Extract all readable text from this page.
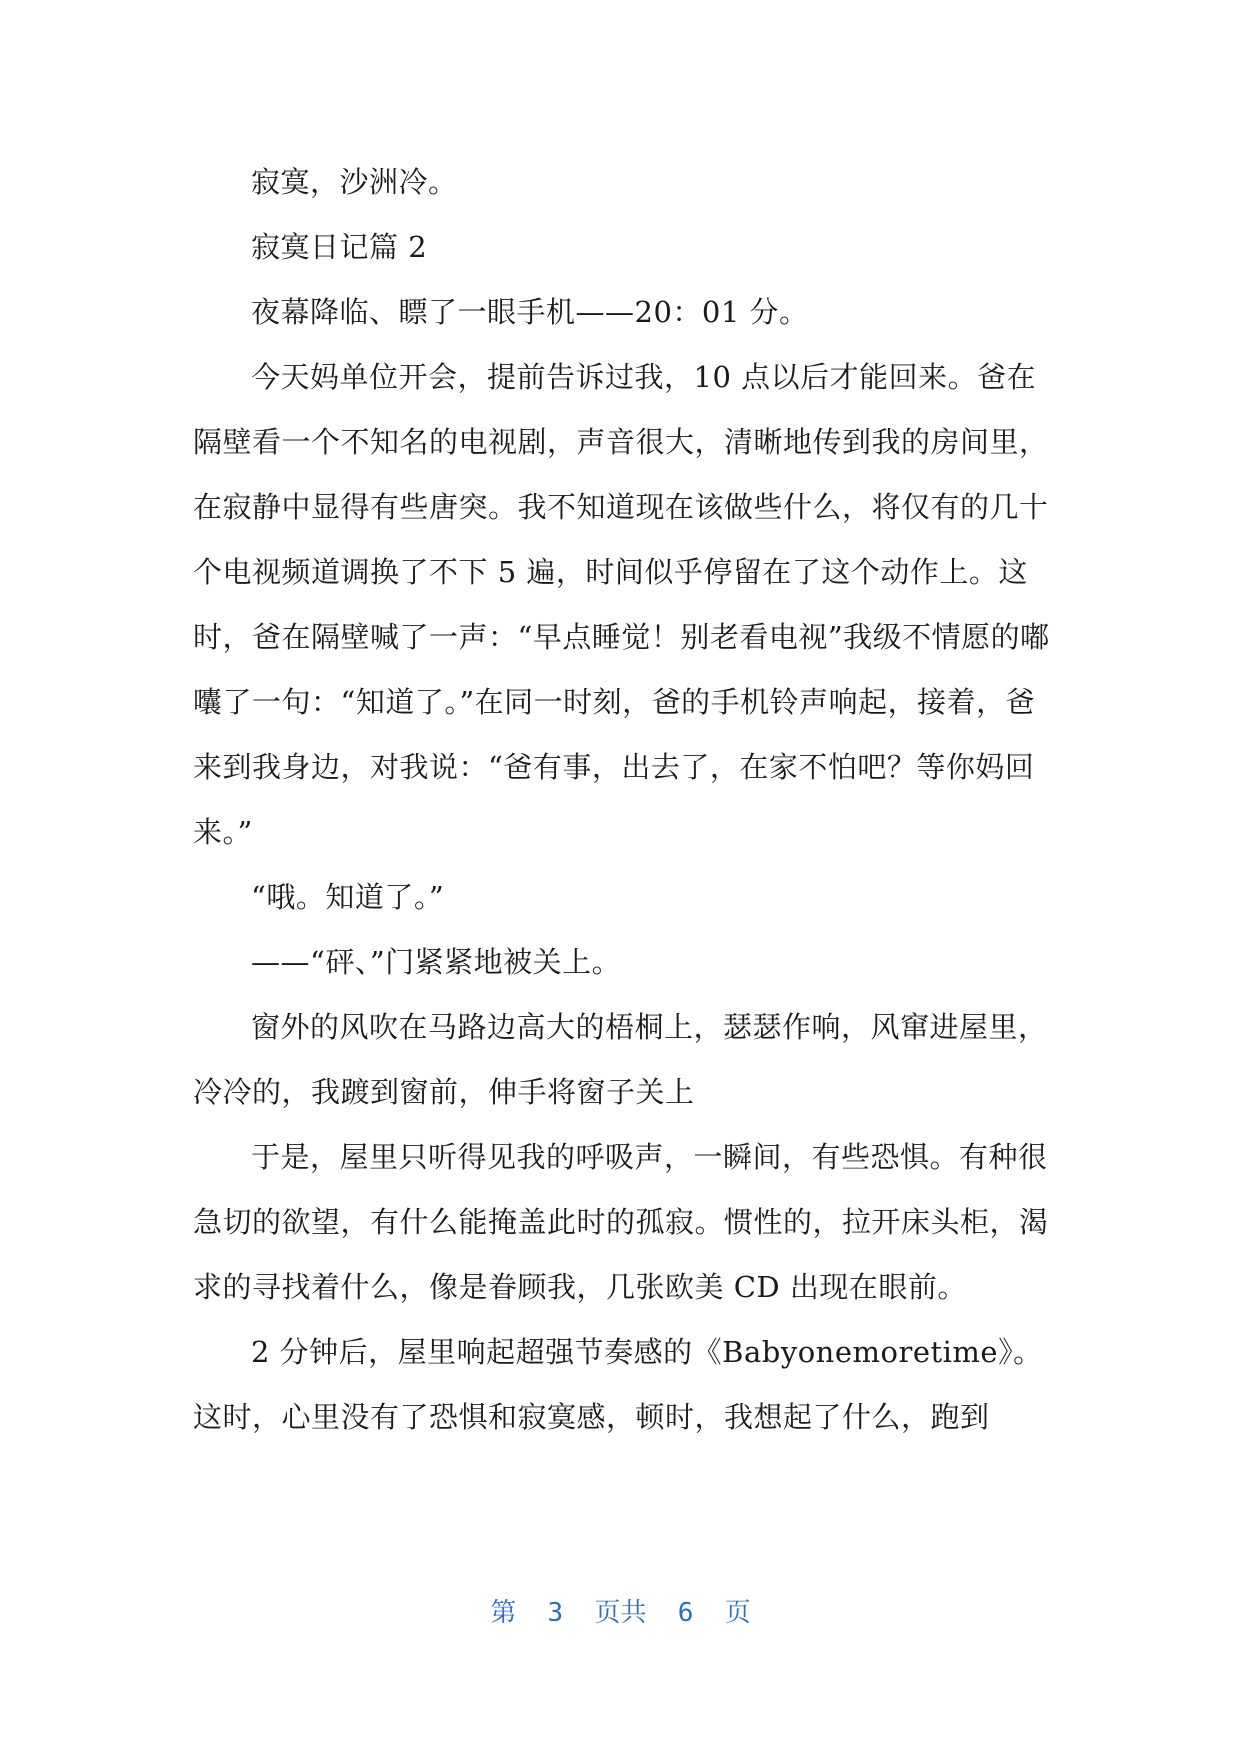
寂寞，沙洲冷。

寂寞日记篇 2

夜幕降临、瞟了一眼手机——20：01 分。

今天妈单位开会，提前告诉过我，10 点以后才能回来。爸在隔壁看一个不知名的电视剧，声音很大，清晰地传到我的房间里，在寂静中显得有些唐突。我不知道现在该做些什么，将仅有的几十个电视频道调换了不下 5 遍，时间似乎停留在了这个动作上。这时，爸在隔壁喊了一声：“早点睡觉！别老看电视”我级不情愿的嘟囔了一句：“知道了。”在同一时刻，爸的手机铃声响起，接着，爸来到我身边，对我说：“爸有事，出去了，在家不怕吧？等你妈回来。”

“哦。知道了。”

——“砰、”门紧紧地被关上。

窗外的风吹在马路边高大的梧桐上，瑟瑟作响，风窜进屋里，冷冷的，我踱到窗前，伸手将窗子关上

于是，屋里只听得见我的呼吸声，一瞬间，有些恐惧。有种很急切的欲望，有什么能掩盖此时的孤寂。惯性的，拉开床头柜，渴求的寻找着什么，像是眷顾我，几张欧美 CD 出现在眼前。

2 分钟后，屋里响起超强节奏感的《Babyonemoretime》。这时，心里没有了恐惧和寂寞感，顿时，我想起了什么，跑到

第  3  页共  6  页
